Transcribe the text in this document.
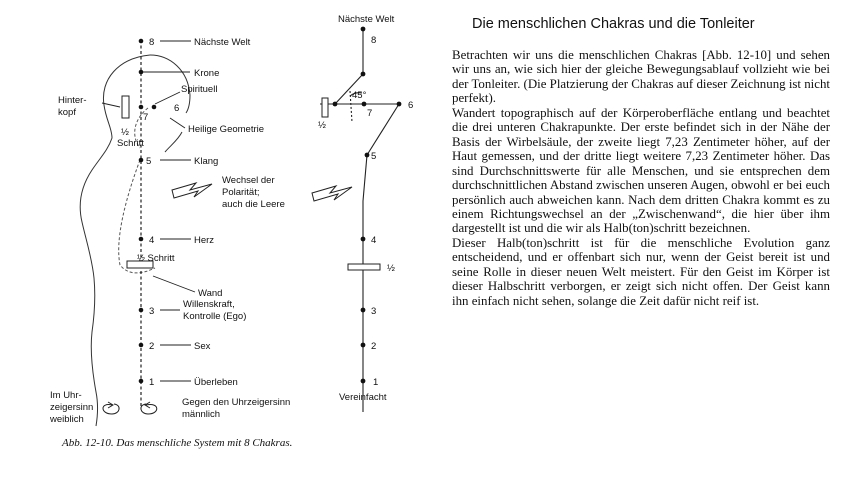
8
7
6
5
4
3
2
1
Nächste Welt
Krone
Spirituell
Hinter-
kopf
Heilige Geometrie
½
Schritt
Klang
Wechsel der
Polarität;
auch die Leere
Herz
½ Schritt
Wand
Willenskraft,
Kontrolle (Ego)
Sex
Überleben
Im Uhr-
zeigersinn
weiblich
Gegen den Uhrzeigersinn
männlich
Nächste Welt
8
45°
7
6
½
5
4
½
3
2
1
Vereinfacht
Abb. 12-10. Das menschliche System mit 8 Chakras.
Die menschlichen Chakras und die Tonleiter

Betrachten wir uns die menschlichen Chakras [Abb. 12-10] und sehen wir uns an, wie sich hier der gleiche Bewegungsablauf vollzieht wie bei der Tonleiter. (Die Platzierung der Chakras auf dieser Zeichnung ist nicht perfekt).

Wandert topographisch auf der Körperoberfläche entlang und beachtet die drei unteren Chakrapunkte. Der erste befindet sich in der Nähe der Basis der Wirbelsäule, der zweite liegt 7,23 Zentimeter höher, auf der Haut gemessen, und der dritte liegt weitere 7,23 Zentimeter höher. Das sind Durchschnittswerte für alle Menschen, und sie entsprechen dem durchschnittlichen Abstand zwischen unseren Augen, obwohl er bei euch persönlich auch abweichen kann. Nach dem dritten Chakra kommt es zu einem Richtungswechsel an der „Zwischenwand“, die hier über ihm dargestellt ist und die wir als Halb(ton)schritt bezeichnen.

Dieser Halb(ton)schritt ist für die menschliche Evolution ganz entscheidend, und er offenbart sich nur, wenn der Geist bereit ist und seine Rolle in dieser neuen Welt meistert. Für den Geist im Körper ist dieser Halbschritt verborgen, er zeigt sich nicht offen. Der Geist kann ihn einfach nicht sehen, solange die Zeit dafür nicht reif ist.
